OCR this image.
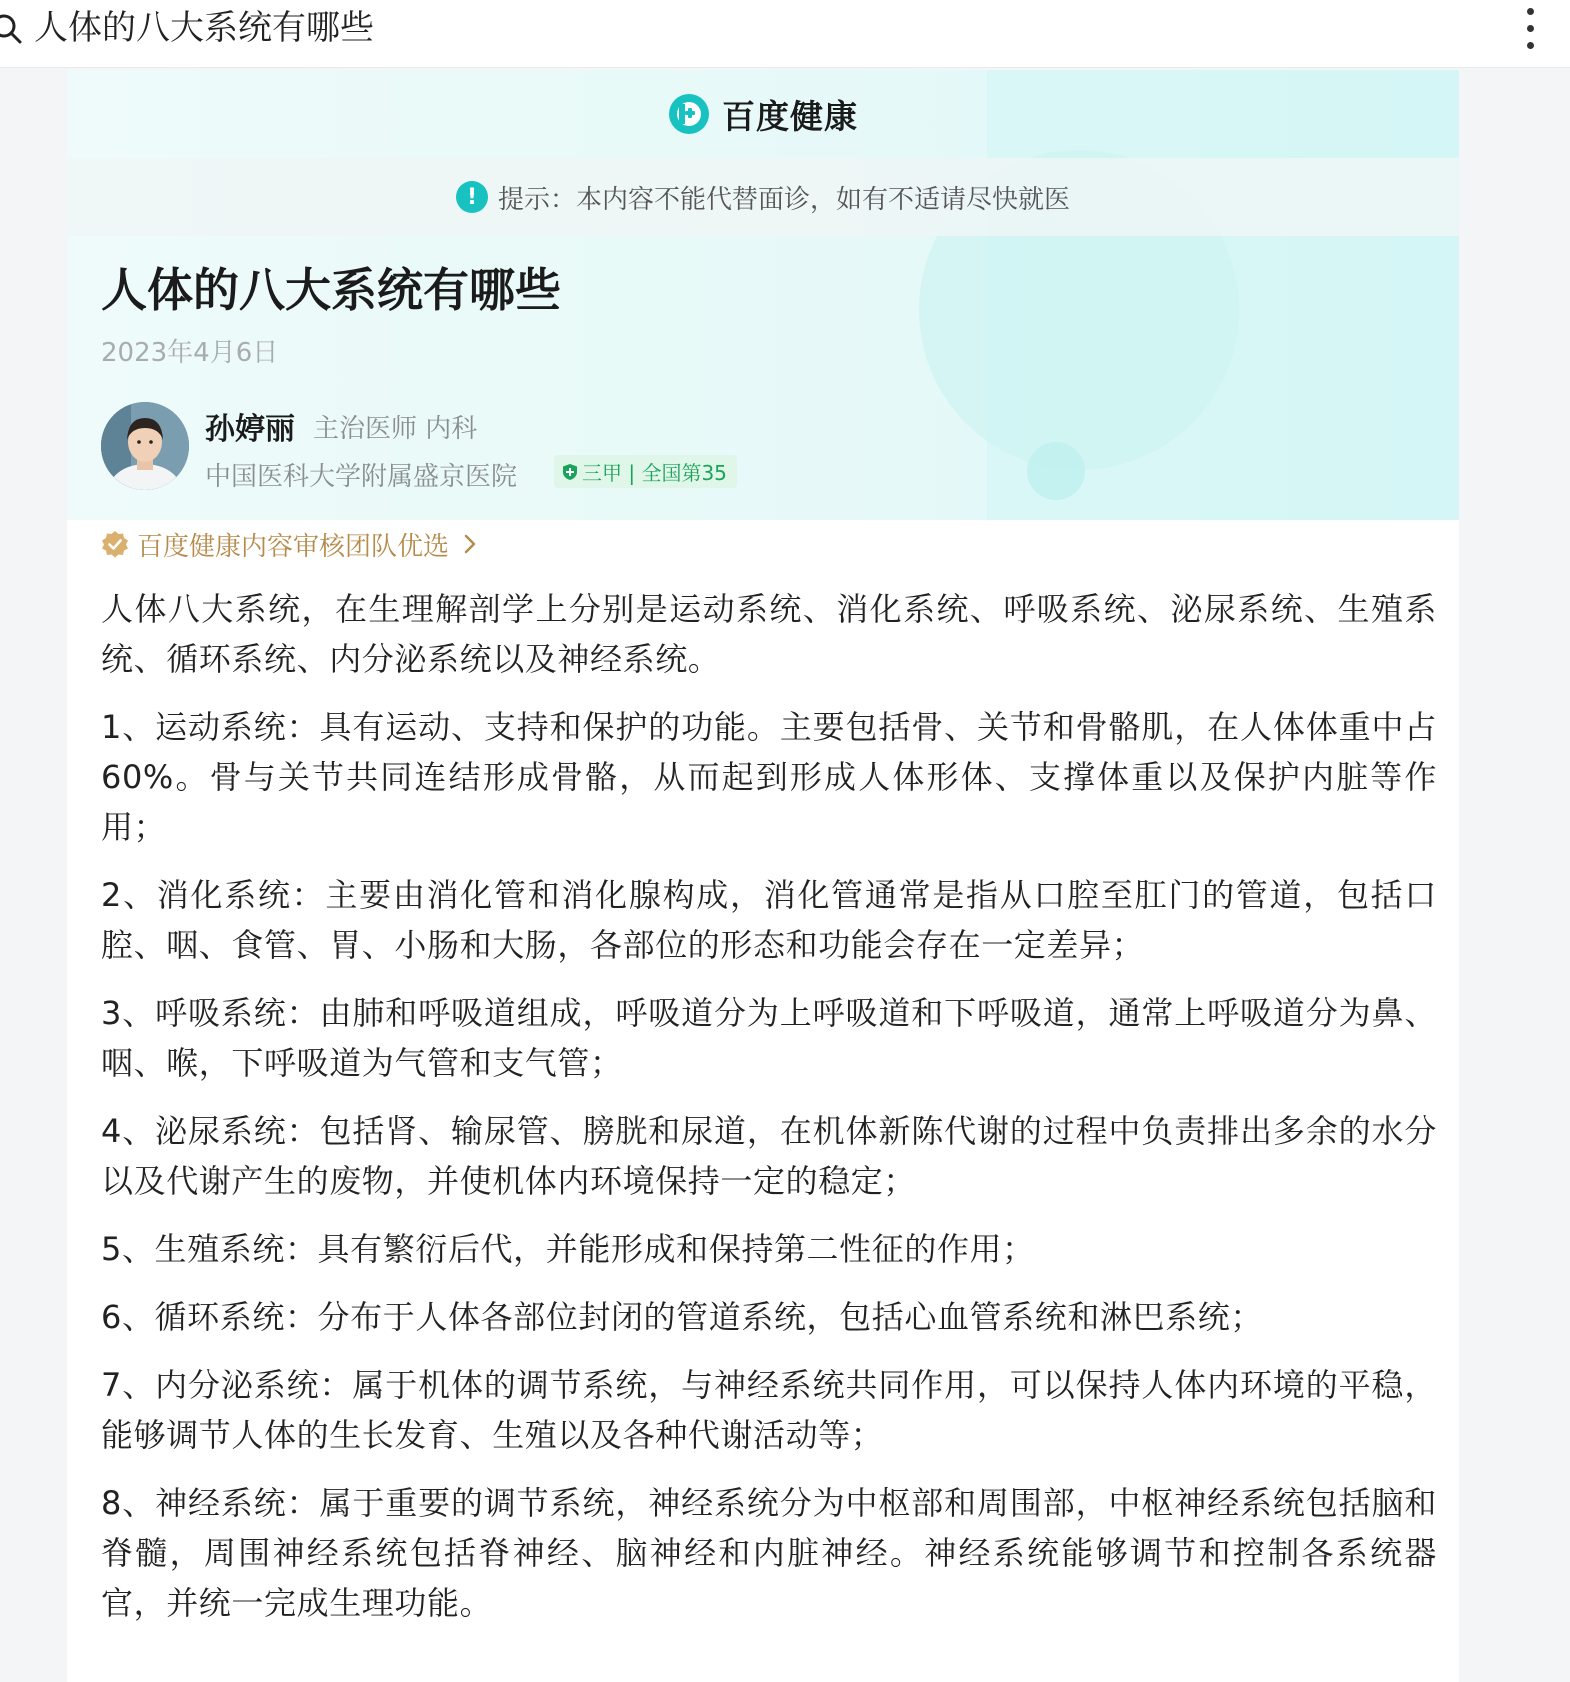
人体的八大系统有哪些
百度健康
! 提示：本内容不能代替面诊，如有不适请尽快就医
人体的八大系统有哪些
2023年4月6日
孙婷丽 主治医师 内科
中国医科大学附属盛京医院	三甲 | 全国第35
百度健康内容审核团队优选

人体八大系统，在生理解剖学上分别是运动系统、消化系统、呼吸系统、泌尿系统、生殖系统、循环系统、内分泌系统以及神经系统。

1、运动系统：具有运动、支持和保护的功能。主要包括骨、关节和骨骼肌，在人体体重中占60%。骨与关节共同连结形成骨骼，从而起到形成人体形体、支撑体重以及保护内脏等作用；

2、消化系统：主要由消化管和消化腺构成，消化管通常是指从口腔至肛门的管道，包括口腔、咽、食管、胃、小肠和大肠，各部位的形态和功能会存在一定差异；

3、呼吸系统：由肺和呼吸道组成，呼吸道分为上呼吸道和下呼吸道，通常上呼吸道分为鼻、咽、喉，下呼吸道为气管和支气管；

4、泌尿系统：包括肾、输尿管、膀胱和尿道，在机体新陈代谢的过程中负责排出多余的水分以及代谢产生的废物，并使机体内环境保持一定的稳定；

5、生殖系统：具有繁衍后代，并能形成和保持第二性征的作用；

6、循环系统：分布于人体各部位封闭的管道系统，包括心血管系统和淋巴系统；

7、内分泌系统：属于机体的调节系统，与神经系统共同作用，可以保持人体内环境的平稳，能够调节人体的生长发育、生殖以及各种代谢活动等；

8、神经系统：属于重要的调节系统，神经系统分为中枢部和周围部，中枢神经系统包括脑和脊髓，周围神经系统包括脊神经、脑神经和内脏神经。神经系统能够调节和控制各系统器官，并统一完成生理功能。
